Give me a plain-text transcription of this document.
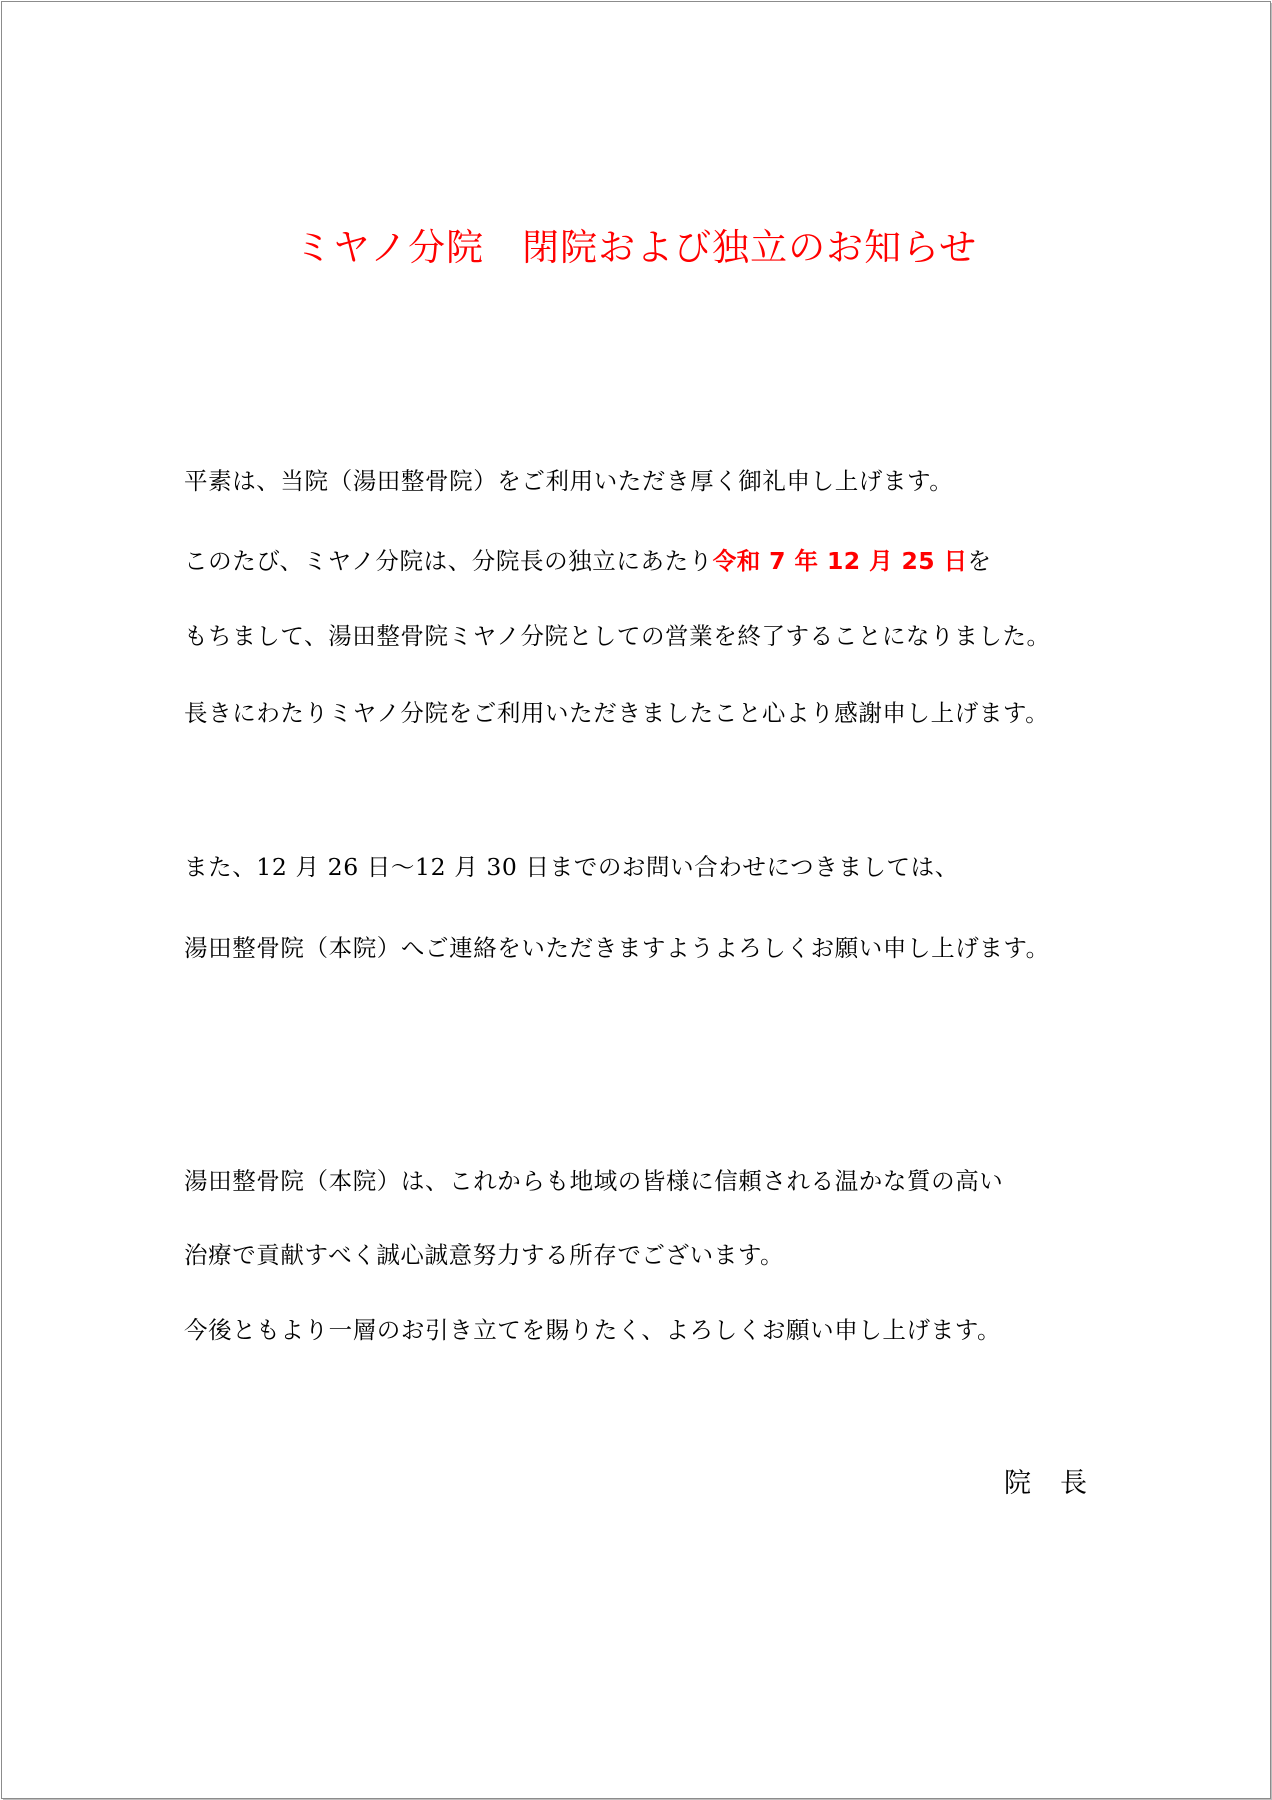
ミヤノ分院　閉院および独立のお知らせ
平素は、当院（湯田整骨院）をご利用いただき厚く御礼申し上げます。
このたび、ミヤノ分院は、分院長の独立にあたり令和 7 年 12 月 25 日を
もちまして、湯田整骨院ミヤノ分院としての営業を終了することになりました。
長きにわたりミヤノ分院をご利用いただきましたこと心より感謝申し上げます。
また、12 月 26 日～12 月 30 日までのお問い合わせにつきましては、
湯田整骨院（本院）へご連絡をいただきますようよろしくお願い申し上げます。
湯田整骨院（本院）は、これからも地域の皆様に信頼される温かな質の高い
治療で貢献すべく誠心誠意努力する所存でございます。
今後ともより一層のお引き立てを賜りたく、よろしくお願い申し上げます。
院　長
